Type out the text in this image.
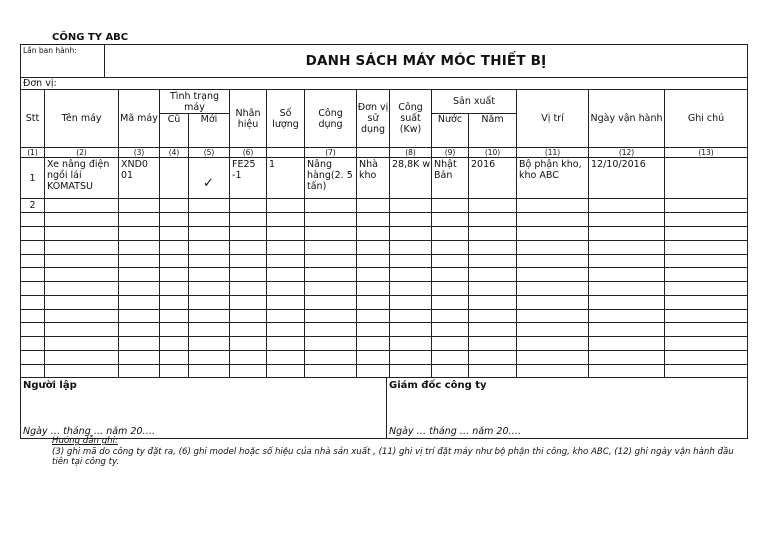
CÔNG TY ABC
Lần ban hành:	DANH SÁCH MÁY MÓC THIẾT BỊ
Đơn vị:
Stt	Tên máy	Mã máy	Tình trạng máy		Nhãn hiệu	Số lượng	Công dụng	Đơn vị sử dụng	Công suất (Kw)	Sản xuất		Vị trí	Ngày vận hành	Ghi chú
			Cũ	Mới						Nước	Năm			
(1)	(2)	(3)	(4)	(5)	(6)		(7)		(8)	(9)	(10)	(11)	(12)	(13)
1	Xe nâng điện ngồi lái KOMATSU	XND0 01		✓	FE25 -1	1	Nâng hàng(2. 5 tấn)	Nhà kho	28,8K w	Nhật Bản	2016	Bộ phận kho, kho ABC	12/10/2016	
2														

Người lập
Ngày … tháng … năm 20….

Giám đốc công ty
Ngày … tháng … năm 20….
Hướng dẫn ghi:
(3) ghi mã do công ty đặt ra, (6) ghi model hoặc số hiệu của nhà sản xuất , (11) ghi vị trí đặt máy như bộ phận thi công, kho ABC, (12) ghi ngày vận hành đầu tiên tại công ty.
